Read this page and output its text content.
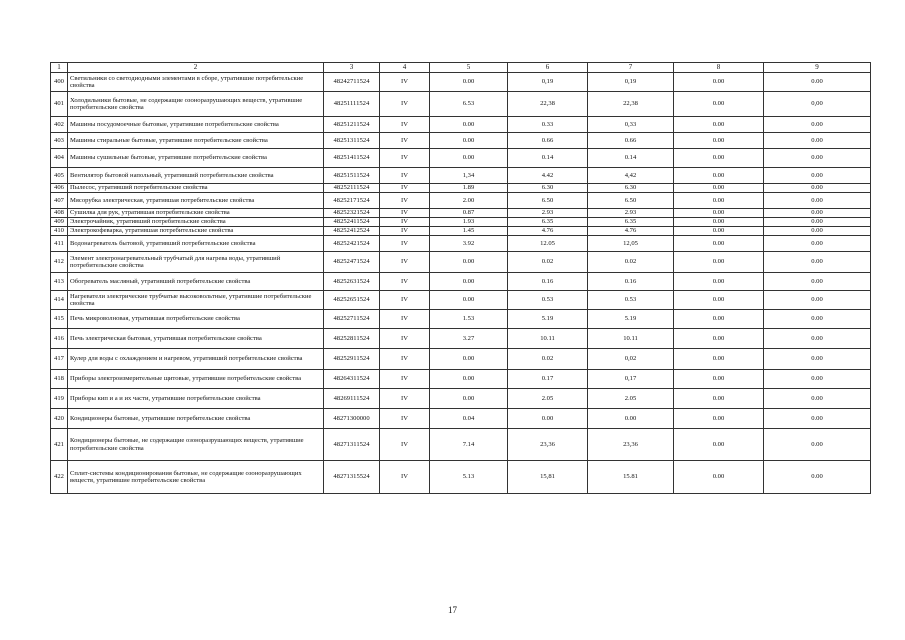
1	2	3	4	5	6	7	8	9
400	Светильники со светодиодными элементами в сборе, утратившие потребительские свойства	48242711524	IV	0.00	0,19	0,19	0.00	0.00
401	Холодильники бытовые, не содержащие озоноразрушающих веществ, утратившие потребительские свойства	48251111524	IV	6.53	22,38	22,38	0.00	0,00
402	Машины посудомоечные бытовые, утратившие потребительские свойства	48251211524	IV	0.00	0.33	0,33	0.00	0.00
403	Машины стиральные бытовые, утратившие потребительские свойства	48251311524	IV	0.00	0.66	0.66	0.00	0.00
404	Машины сушильные бытовые, утратившие потребительские свойства	48251411524	IV	0.00	0.14	0.14	0.00	0.00
405	Вентилятор бытовой напольный, утративший потребительские свойства	48251511524	IV	1,34	4.42	4,42	0.00	0.00
406	Пылесос, утративший потребительские свойства	48252111524	IV	1.89	6.30	6.30	0.00	0.00
407	Мясорубка электрическая, утратившая потребительские свойства	48252171524	IV	2.00	6.50	6.50	0.00	0.00
408	Сушилка для рук, утратившая потребительские свойства	48252321524	IV	0.87	2.93	2.93	0.00	0.00
409	Электрочайник, утративший потребительские свойства	48252411524	IV	1.93	6.35	6.35	0.00	0.00
410	Электрокофеварка, утратившая потребительские свойства	48252412524	IV	1.45	4.76	4.76	0.00	0.00
411	Водонагреватель бытовой, утративший потребительские свойства	48252421524	IV	3.92	12.05	12,05	0.00	0.00
412	Элемент электронагревательный трубчатый для нагрева воды, утративший потребительские свойства	48252471524	IV	0.00	0.02	0.02	0.00	0.00
413	Обогреватель масляный, утративший потребительские свойства	48252631524	IV	0.00	0.16	0.16	0.00	0.00
414	Нагреватели электрические трубчатые высоковольтные, утратившие потребительские свойства	48252651524	IV	0.00	0.53	0.53	0.00	0.00
415	Печь микроволновая, утратившая потребительские свойства	48252711524	IV	1.53	5.19	5.19	0.00	0.00
416	Печь электрическая бытовая, утратившая потребительские свойства	48252811524	IV	3.27	10.11	10.11	0.00	0.00
417	Кулер для воды с охлаждением и нагревом, утративший потребительские свойства	48252911524	IV	0.00	0.02	0,02	0.00	0.00
418	Приборы электроизмерительные щитовые, утратившие потребительские свойства	48264311524	IV	0.00	0.17	0,17	0.00	0.00
419	Приборы кип и а и их части, утратившие потребительские свойства	48269111524	IV	0.00	2.05	2.05	0.00	0.00
420	Кондиционеры бытовые, утратившие потребительские свойства	48271300000	IV	0.04	0.00	0.00	0.00	0.00
421	Кондиционеры бытовые, не содержащие озоноразрушающих веществ, утратившие потребительские свойства	48271311524	IV	7.14	23,36	23,36	0.00	0.00
422	Сплит-системы кондиционирования бытовые, не содержащие озоноразрушающих веществ, утратившие потребительские свойства	48271315524	IV	5.13	15,81	15.81	0.00	0.00
17
